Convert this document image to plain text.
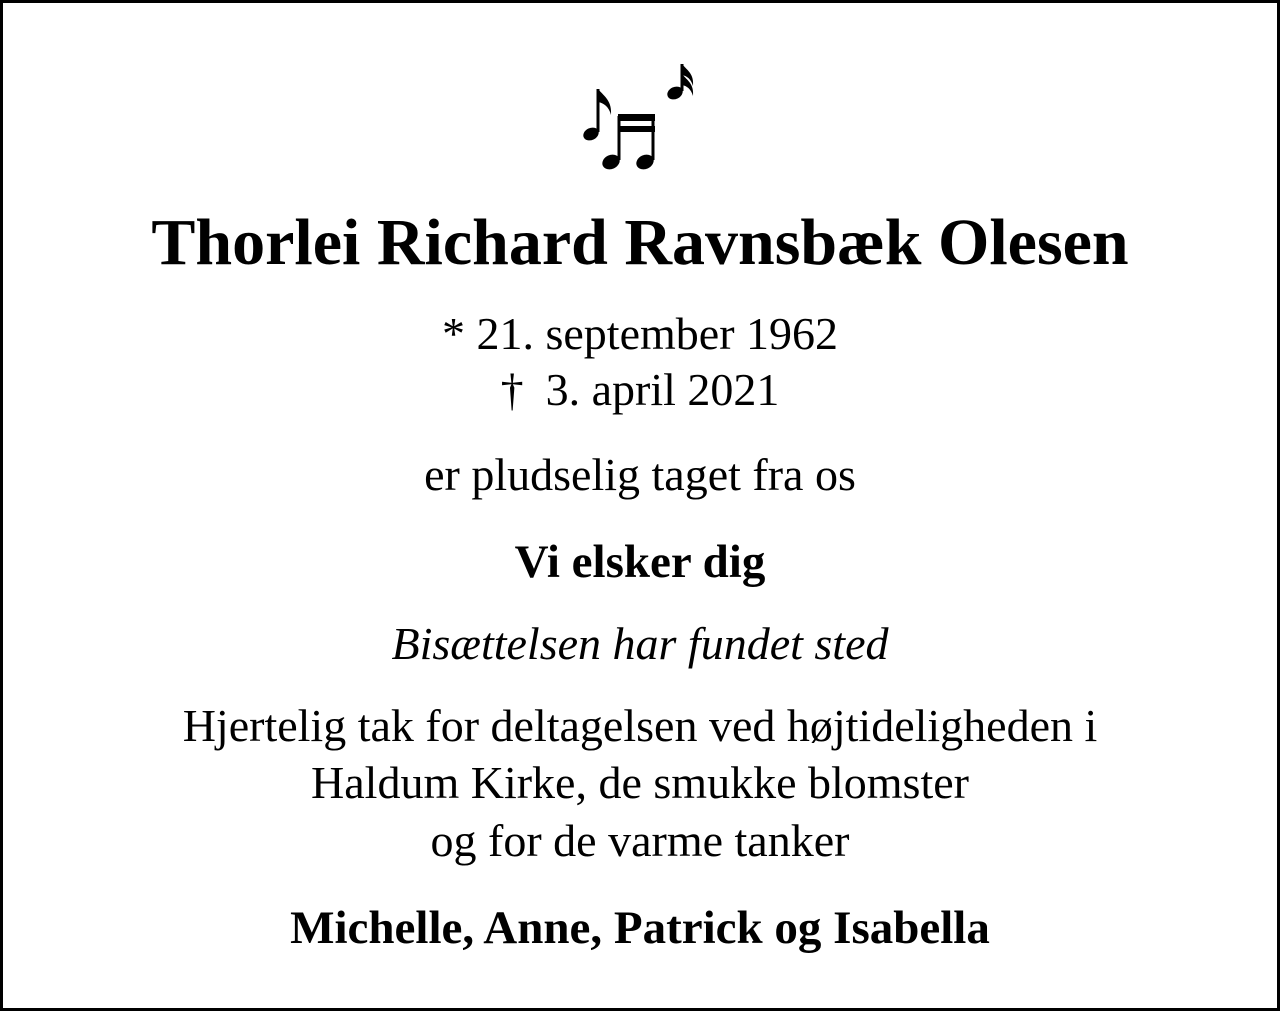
Thorlei Richard Ravnsbæk Olesen
* 21. september 1962
† 3. april 2021
er pludselig taget fra os
Vi elsker dig
Bisættelsen har fundet sted
Hjertelig tak for deltagelsen ved højtideligheden i
Haldum Kirke, de smukke blomster
og for de varme tanker
Michelle, Anne, Patrick og Isabella
